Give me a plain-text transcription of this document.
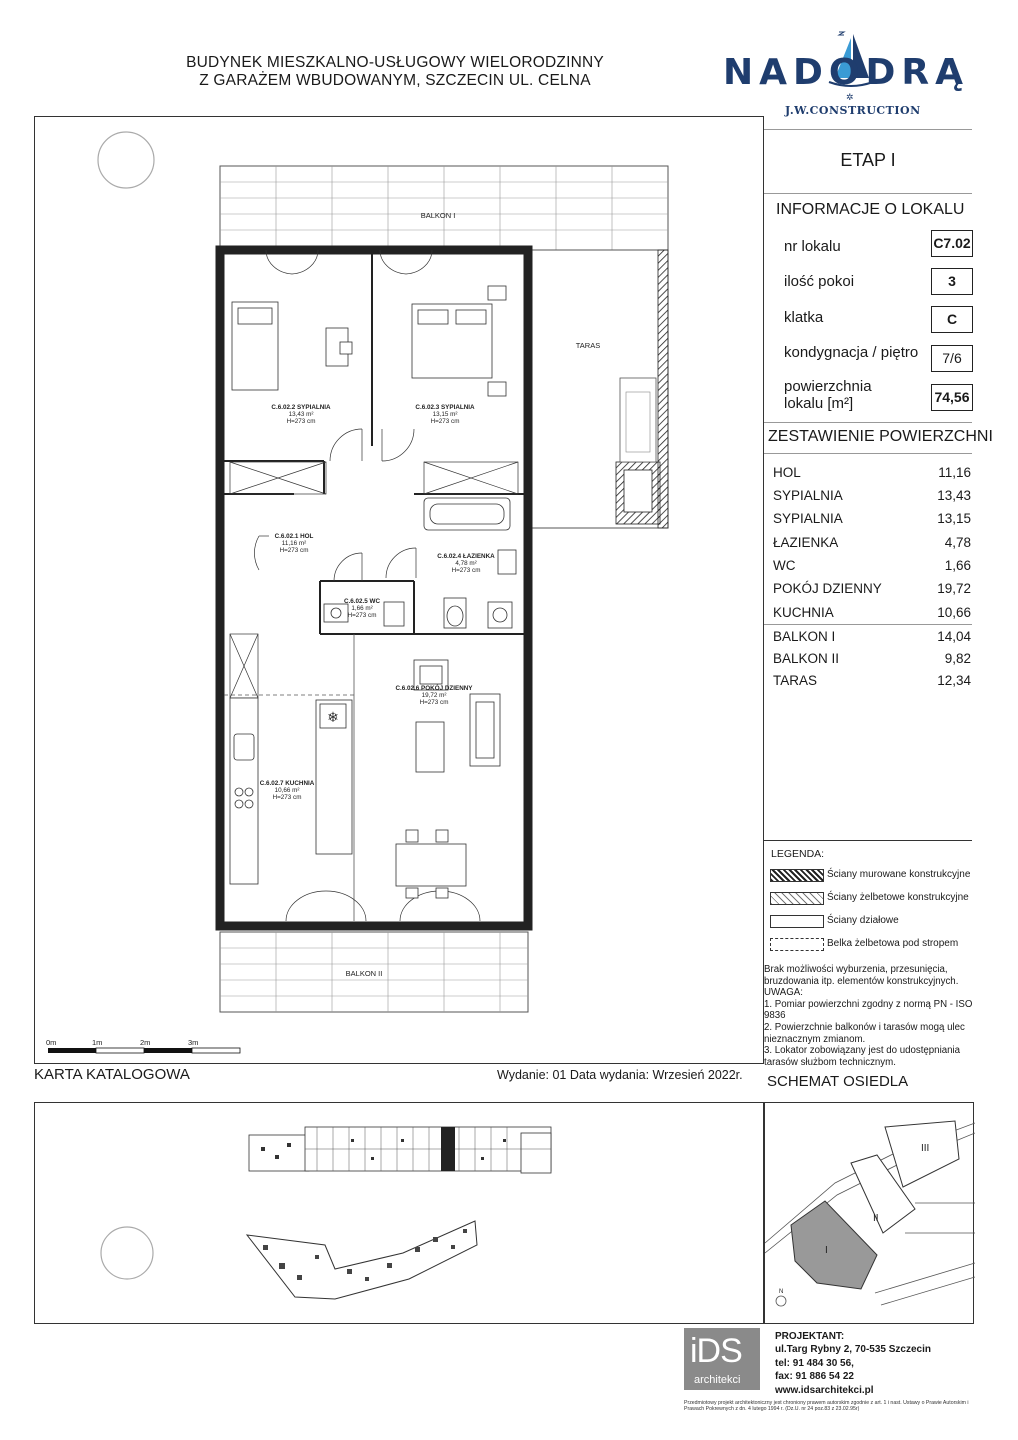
BUDYNEK MIESZKALNO-USŁUGOWY WIELORODZINNY
Z GARAŻEM WBUDOWANYM, SZCZECIN UL. CELNA	NADODRĄ
✲
J.W.CONSTRUCTION
BALKON I
TARAS
❄
BALKON II
C.6.02.2 SYPIALNIA
13,43 m²
H=273 cm
C.6.02.3 SYPIALNIA
13,15 m²
H=273 cm
C.6.02.1 HOL
11,16 m²
H=273 cm
C.6.02.4 ŁAZIENKA
4,78 m²
H=273 cm
C.6.02.5 WC
1,66 m²
H=273 cm
C.6.02.6 POKÓJ DZIENNY
19,72 m²
H=273 cm
C.6.02.7 KUCHNIA
10,66 m²
H=273 cm
0m	1m	2m	3m
ETAP I
INFORMACJE O LOKALU
nr lokalu	C7.02
ilość pokoi	3
klatka	C
kondygnacja / piętro	7/6
powierzchnia
lokalu [m²]	74,56
ZESTAWIENIE POWIERZCHNI
HOL	11,16
SYPIALNIA	13,43
SYPIALNIA	13,15
ŁAZIENKA	4,78
WC	1,66
POKÓJ DZIENNY	19,72
KUCHNIA	10,66
BALKON I	14,04
BALKON II	9,82
TARAS	12,34
LEGENDA:
Ściany murowane konstrukcyjne
Ściany żelbetowe konstrukcyjne
Ściany działowe
Belka żelbetowa pod stropem
Brak możliwości wyburzenia, przesunięcia,
bruzdowania itp. elementów konstrukcyjnych.
UWAGA:
1. Pomiar powierzchni zgodny z normą PN - ISO
9836
2. Powierzchnie balkonów i tarasów mogą ulec
nieznacznym zmianom.
3. Lokator zobowiązany jest do udostępniania
tarasów służbom technicznym.
KARTA KATALOGOWA	Wydanie: 01 Data wydania: Wrzesień 2022r. SCHEMAT OSIEDLA
I
II
III
N
iDS
architekci
PROJEKTANT:
ul.Targ Rybny 2, 70-535 Szczecin
tel: 91 484 30 56,
fax: 91 886 54 22
www.idsarchitekci.pl
Przedmiotowy projekt architektoniczny jest chroniony prawem autorskim zgodnie z art. 1 i nast. Ustawy o Prawie Autorskim i Prawach Pokrewnych z dn. 4 lutego 1994 r. (Dz.U. nr 24 poz.83 z 23.02.95r)
